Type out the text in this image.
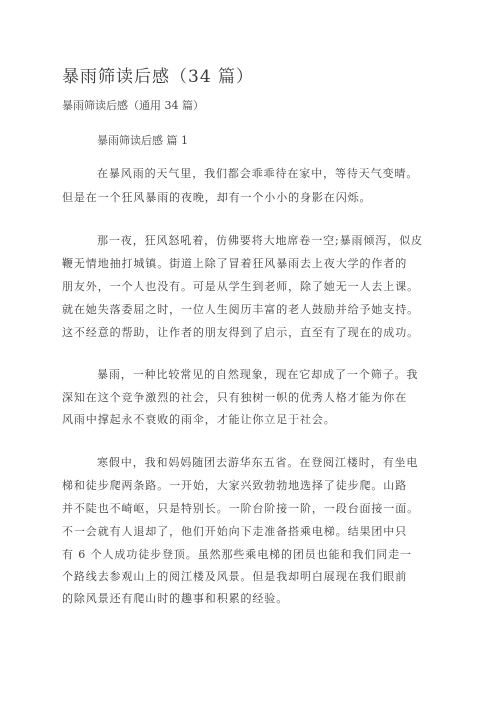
暴雨筛读后感（34 篇）
暴雨筛读后感（通用 34 篇）
暴雨筛读后感 篇 1
在暴风雨的天气里，我们都会乖乖待在家中，等待天气变晴。
但是在一个狂风暴雨的夜晚，却有一个小小的身影在闪烁。
那一夜，狂风怒吼着，仿佛要将大地席卷一空;暴雨倾泻，似皮
鞭无情地抽打城镇。街道上除了冒着狂风暴雨去上夜大学的作者的
朋友外，一个人也没有。可是从学生到老师，除了她无一人去上课。
就在她失落委屈之时，一位人生阅历丰富的老人鼓励并给予她支持。
这不经意的帮助，让作者的朋友得到了启示，直至有了现在的成功。
暴雨，一种比较常见的自然现象，现在它却成了一个筛子。我
深知在这个竞争激烈的社会，只有独树一帜的优秀人格才能为你在
风雨中撑起永不衰败的雨伞，才能让你立足于社会。
寒假中，我和妈妈随团去游华东五省。在登阅江楼时，有坐电
梯和徒步爬两条路。一开始，大家兴致勃勃地选择了徒步爬。山路
并不陡也不崎岖，只是特别长。一阶台阶接一阶，一段台面接一面。
不一会就有人退却了，他们开始向下走准备搭乘电梯。结果团中只
有 6 个人成功徒步登顶。虽然那些乘电梯的团员也能和我们同走一
个路线去参观山上的阅江楼及风景。但是我却明白展现在我们眼前
的除风景还有爬山时的趣事和积累的经验。
